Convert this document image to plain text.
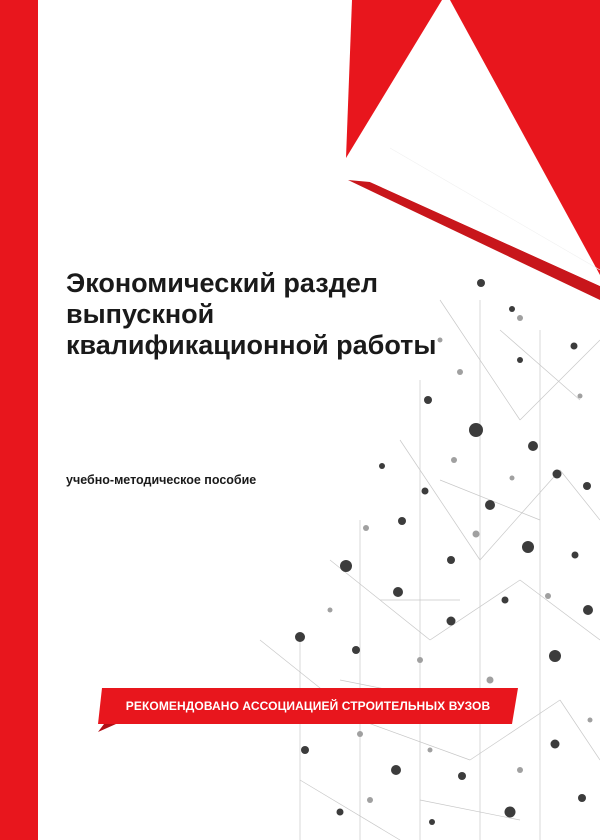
Экономический раздел
выпускной
квалификационной работы

учебно-методическое пособие

РЕКОМЕНДОВАНО АССОЦИАЦИЕЙ СТРОИТЕЛЬНЫХ ВУЗОВ
